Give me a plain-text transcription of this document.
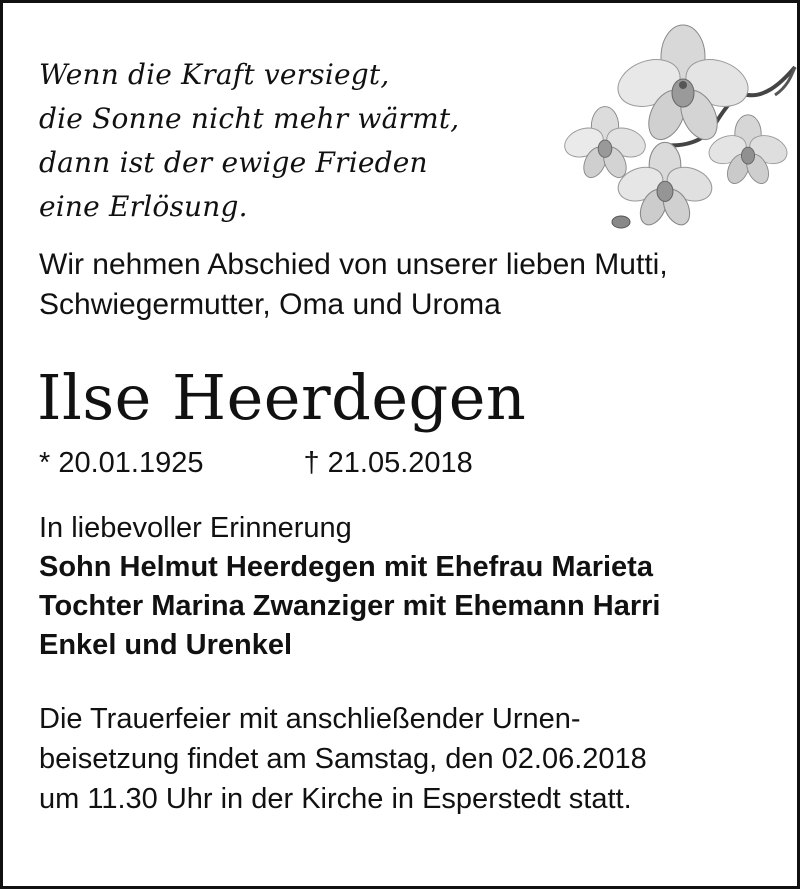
Wenn die Kraft versiegt,
die Sonne nicht mehr wärmt,
dann ist der ewige Frieden
eine Erlösung.
Wir nehmen Abschied von unserer lieben Mutti,
Schwiegermutter, Oma und Uroma
Ilse Heerdegen
* 20.01.1925	† 21.05.2018
In liebevoller Erinnerung
Sohn Helmut Heerdegen mit Ehefrau Marieta
Tochter Marina Zwanziger mit Ehemann Harri
Enkel und Urenkel
Die Trauerfeier mit anschließender Urnen-
beisetzung findet am Samstag, den 02.06.2018
um 11.30 Uhr in der Kirche in Esperstedt statt.
